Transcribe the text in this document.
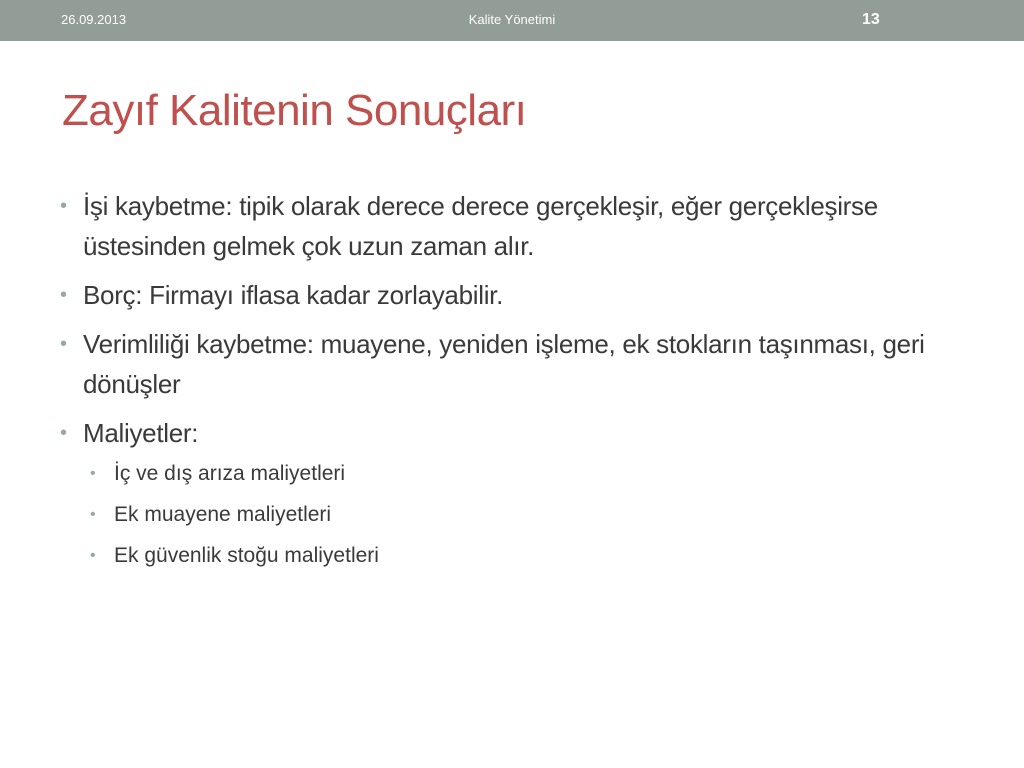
26.09.2013	Kalite Yönetimi	13
Zayıf Kalitenin Sonuçları
• İşi kaybetme: tipik olarak derece derece gerçekleşir, eğer gerçekleşirse üstesinden gelmek çok uzun zaman alır.
• Borç: Firmayı iflasa kadar zorlayabilir.
• Verimliliği kaybetme: muayene, yeniden işleme, ek stokların taşınması, geri dönüşler
• Maliyetler:
• İç ve dış arıza maliyetleri
• Ek muayene maliyetleri
• Ek güvenlik stoğu maliyetleri
